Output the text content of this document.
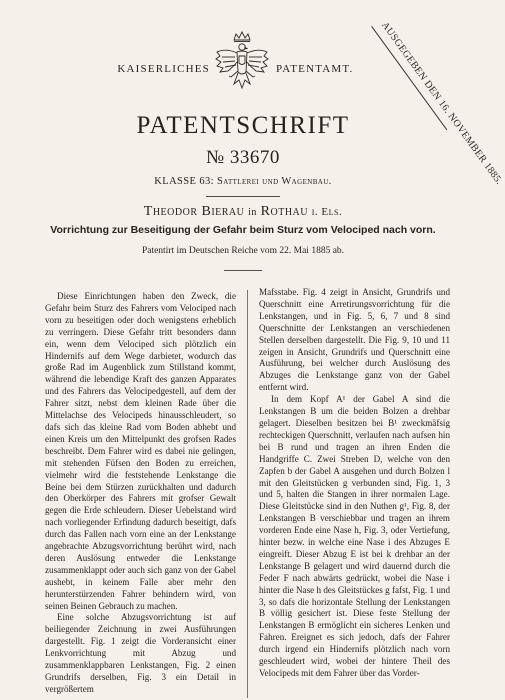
KAISERLICHES	PATENTAMT.	AUSGEGEBEN DEN 16. NOVEMBER 1885.
PATENTSCHRIFT
№ 33670
KLASSE 63: Sattlerei und Wagenbau.
Theodor Bierau in Rothau i. Els.
Vorrichtung zur Beseitigung der Gefahr beim Sturz vom Velociped nach vorn.
Patentirt im Deutschen Reiche vom 22. Mai 1885 ab.

Diese Einrichtungen haben den Zweck, die Gefahr beim Sturz des Fahrers vom Velociped nach vorn zu beseitigen oder doch wenigstens erheblich zu verringern. Diese Gefahr tritt besonders dann ein, wenn dem Velociped sich plötzlich ein Hindernifs auf dem Wege darbietet, wodurch das große Rad im Augenblick zum Stillstand kommt, während die lebendige Kraft des ganzen Apparates und des Fahrers das Velocipedgestell, auf dem der Fahrer sitzt, nebst dem kleinen Rade über die Mittelachse des Velocipeds hinausschleudert, so dafs sich das kleine Rad vom Boden abhebt und einen Kreis um den Mittelpunkt des grofsen Rades beschreibt. Dem Fahrer wird es dabei nie gelingen, mit stehenden Füfsen den Boden zu erreichen, vielmehr wird die feststehende Lenkstange die Beine bei dem Stürzen zurückhalten und dadurch den Oberkörper des Fahrers mit grofser Gewalt gegen die Erde schleudern. Dieser Uebelstand wird nach vorliegender Erfindung dadurch beseitigt, dafs durch das Fallen nach vorn eine an der Lenkstange angebrachte Abzugsvorrichtung berührt wird, nach deren Auslösung entweder die Lenkstange zusammenklappt oder auch sich ganz von der Gabel aushebt, in keinem Falle aber mehr den herunterstürzenden Fahrer behindern wird, von seinen Beinen Gebrauch zu machen.

Eine solche Abzugsvorrichtung ist auf beiliegender Zeichnung in zwei Ausführungen dargestellt. Fig. 1 zeigt die Vorderansicht einer Lenkvorrichtung mit Abzug und zusammenklappbaren Lenkstangen, Fig. 2 einen Grundrifs derselben, Fig. 3 ein Detail in vergrößertem

Mafsstabe. Fig. 4 zeigt in Ansicht, Grundrifs und Querschnitt eine Arretirungsvorrichtung für die Lenkstangen, und in Fig. 5, 6, 7 und 8 sind Querschnitte der Lenkstangen an verschiedenen Stellen derselben dargestellt. Die Fig. 9, 10 und 11 zeigen in Ansicht, Grundrifs und Querschnitt eine Ausführung, bei welcher durch Auslösung des Abzuges die Lenkstange ganz von der Gabel entfernt wird.

In dem Kopf A¹ der Gabel A sind die Lenkstangen B um die beiden Bolzen a drehbar gelagert. Dieselben besitzen bei B¹ zweckmäfsig rechteckigen Querschnitt, verlaufen nach aufsen hin bei B rund und tragen an ihren Enden die Handgriffe C. Zwei Streben D, welche von den Zapfen b der Gabel A ausgehen und durch Bolzen l mit den Gleitstücken g verbunden sind, Fig. 1, 3 und 5, halten die Stangen in ihrer normalen Lage. Diese Gleitstücke sind in den Nuthen g¹, Fig. 8, der Lenkstangen B verschiebbar und tragen an ihrem vorderen Ende eine Nase h, Fig. 3, oder Vertiefung, hinter bezw. in welche eine Nase i des Abzuges E eingreift. Dieser Abzug E ist bei k drehbar an der Lenkstange B gelagert und wird dauernd durch die Feder F nach abwärts gedrückt, wobei die Nase i hinter die Nase h des Gleitstückes g fafst, Fig. 1 und 3, so dafs die horizontale Stellung der Lenkstangen B völlig gesichert ist. Diese feste Stellung der Lenkstangen B ermöglicht ein sicheres Lenken und Fahren. Ereignet es sich jedoch, dafs der Fahrer durch irgend ein Hindernifs plötzlich nach vorn geschleudert wird, wobei der hintere Theil des Velocipeds mit dem Fahrer über das Vorder-
